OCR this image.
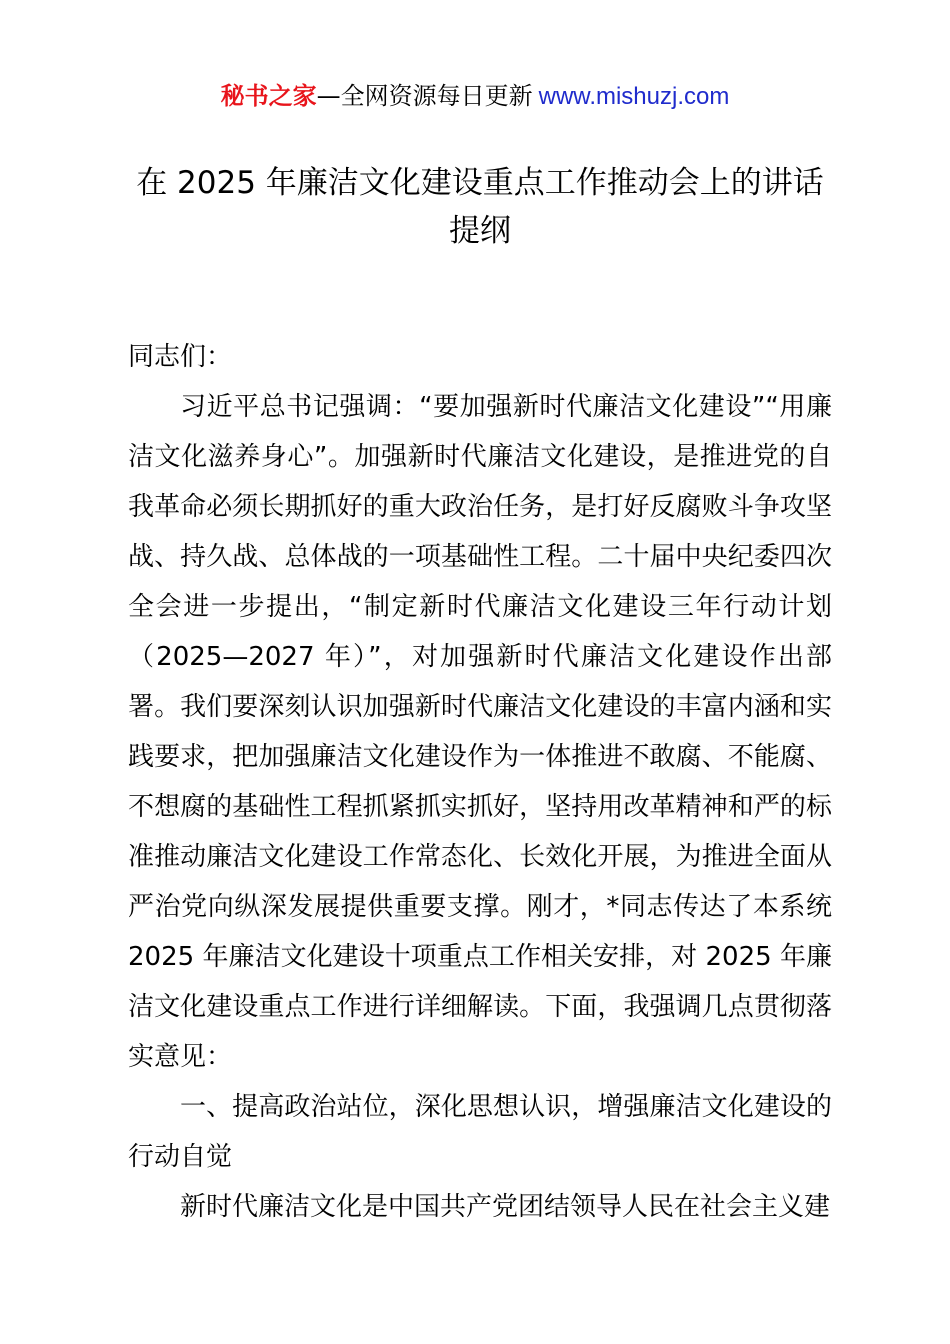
秘书之家—全网资源每日更新 www.mishuzj.com
在 2025 年廉洁文化建设重点工作推动会上的讲话提纲

同志们：

习近平总书记强调：“要加强新时代廉洁文化建设”“用廉洁文化滋养身心”。加强新时代廉洁文化建设，是推进党的自我革命必须长期抓好的重大政治任务，是打好反腐败斗争攻坚战、持久战、总体战的一项基础性工程。二十届中央纪委四次全会进一步提出，“制定新时代廉洁文化建设三年行动计划（2025—2027 年）”，对加强新时代廉洁文化建设作出部署。我们要深刻认识加强新时代廉洁文化建设的丰富内涵和实践要求，把加强廉洁文化建设作为一体推进不敢腐、不能腐、不想腐的基础性工程抓紧抓实抓好，坚持用改革精神和严的标准推动廉洁文化建设工作常态化、长效化开展，为推进全面从严治党向纵深发展提供重要支撑。刚才，*同志传达了本系统 2025 年廉洁文化建设十项重点工作相关安排，对 2025 年廉洁文化建设重点工作进行详细解读。下面，我强调几点贯彻落实意见：

一、提高政治站位，深化思想认识，增强廉洁文化建设的行动自觉

新时代廉洁文化是中国共产党团结领导人民在社会主义建
